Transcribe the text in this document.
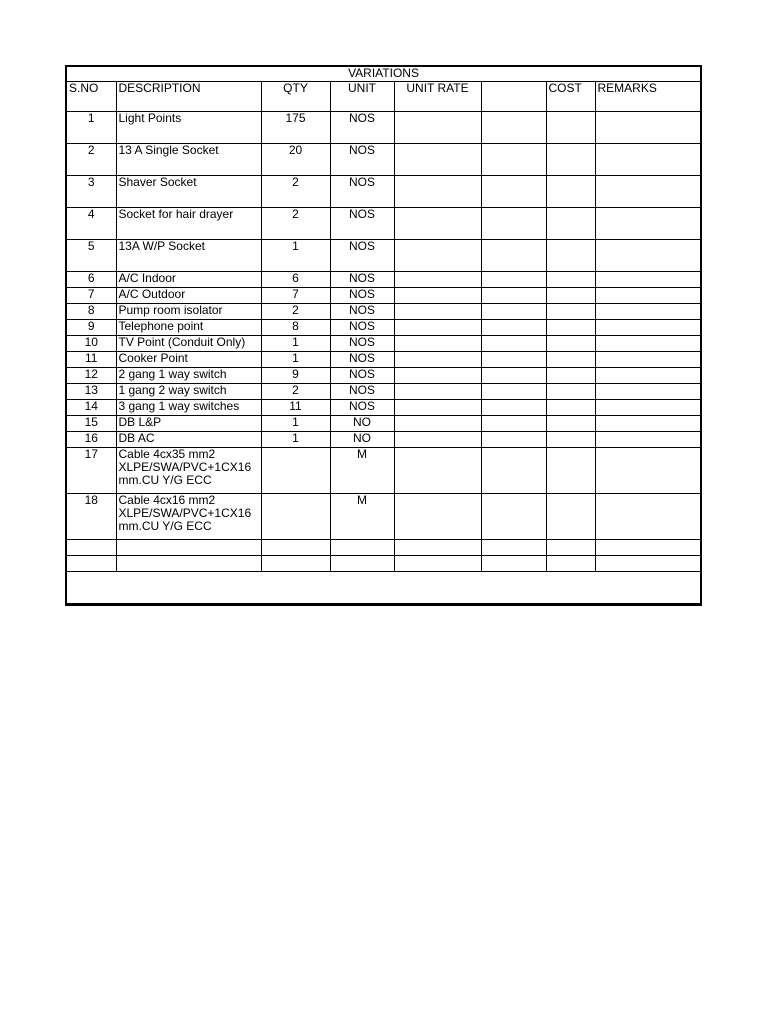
VARIATIONS							
S.NO	DESCRIPTION	QTY	UNIT	UNIT RATE		COST	REMARKS
1	Light Points	175	NOS				
2	13 A Single Socket	20	NOS				
3	Shaver Socket	2	NOS				
4	Socket for hair drayer	2	NOS				
5	13A W/P Socket	1	NOS				
6	A/C Indoor	6	NOS				
7	A/C Outdoor	7	NOS				
8	Pump room isolator	2	NOS				
9	Telephone point	8	NOS				
10	TV Point (Conduit Only)	1	NOS				
11	Cooker Point	1	NOS				
12	2 gang 1 way switch	9	NOS				
13	1 gang 2 way switch	2	NOS				
14	3 gang 1 way switches	11	NOS				
15	DB L&P	1	NO				
16	DB AC	1	NO				
17	Cable 4cx35 mm2 XLPE/SWA/PVC+1CX16 mm.CU Y/G ECC		M				
18	Cable 4cx16 mm2 XLPE/SWA/PVC+1CX16 mm.CU Y/G ECC		M				
